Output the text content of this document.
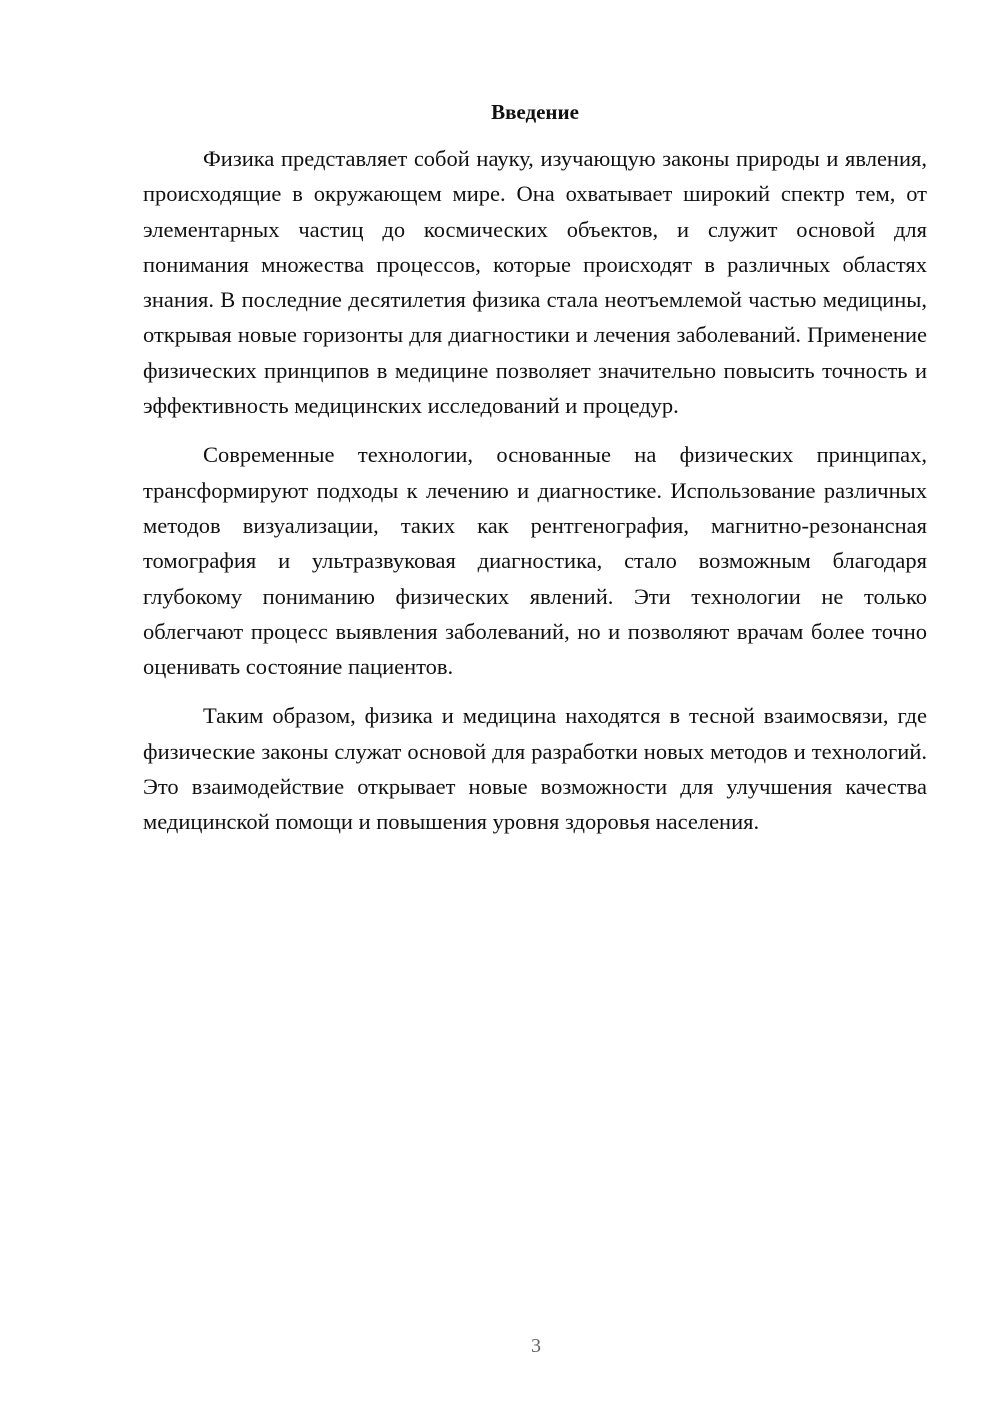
Введение

Физика представляет собой науку, изучающую законы природы и явления, происходящие в окружающем мире. Она охватывает широкий спектр тем, от элементарных частиц до космических объектов, и служит основой для понимания множества процессов, которые происходят в различных областях знания. В последние десятилетия физика стала неотъемлемой частью медицины, открывая новые горизонты для диагностики и лечения заболеваний. Применение физических принципов в медицине позволяет значительно повысить точность и эффективность медицинских исследований и процедур.

Современные технологии, основанные на физических принципах, трансформируют подходы к лечению и диагностике. Использование различных методов визуализации, таких как рентгенография, магнитно-резонансная томография и ультразвуковая диагностика, стало возможным благодаря глубокому пониманию физических явлений. Эти технологии не только облегчают процесс выявления заболеваний, но и позволяют врачам более точно оценивать состояние пациентов.

Таким образом, физика и медицина находятся в тесной взаимосвязи, где физические законы служат основой для разработки новых методов и технологий. Это взаимодействие открывает новые возможности для улучшения качества медицинской помощи и повышения уровня здоровья населения.

3
